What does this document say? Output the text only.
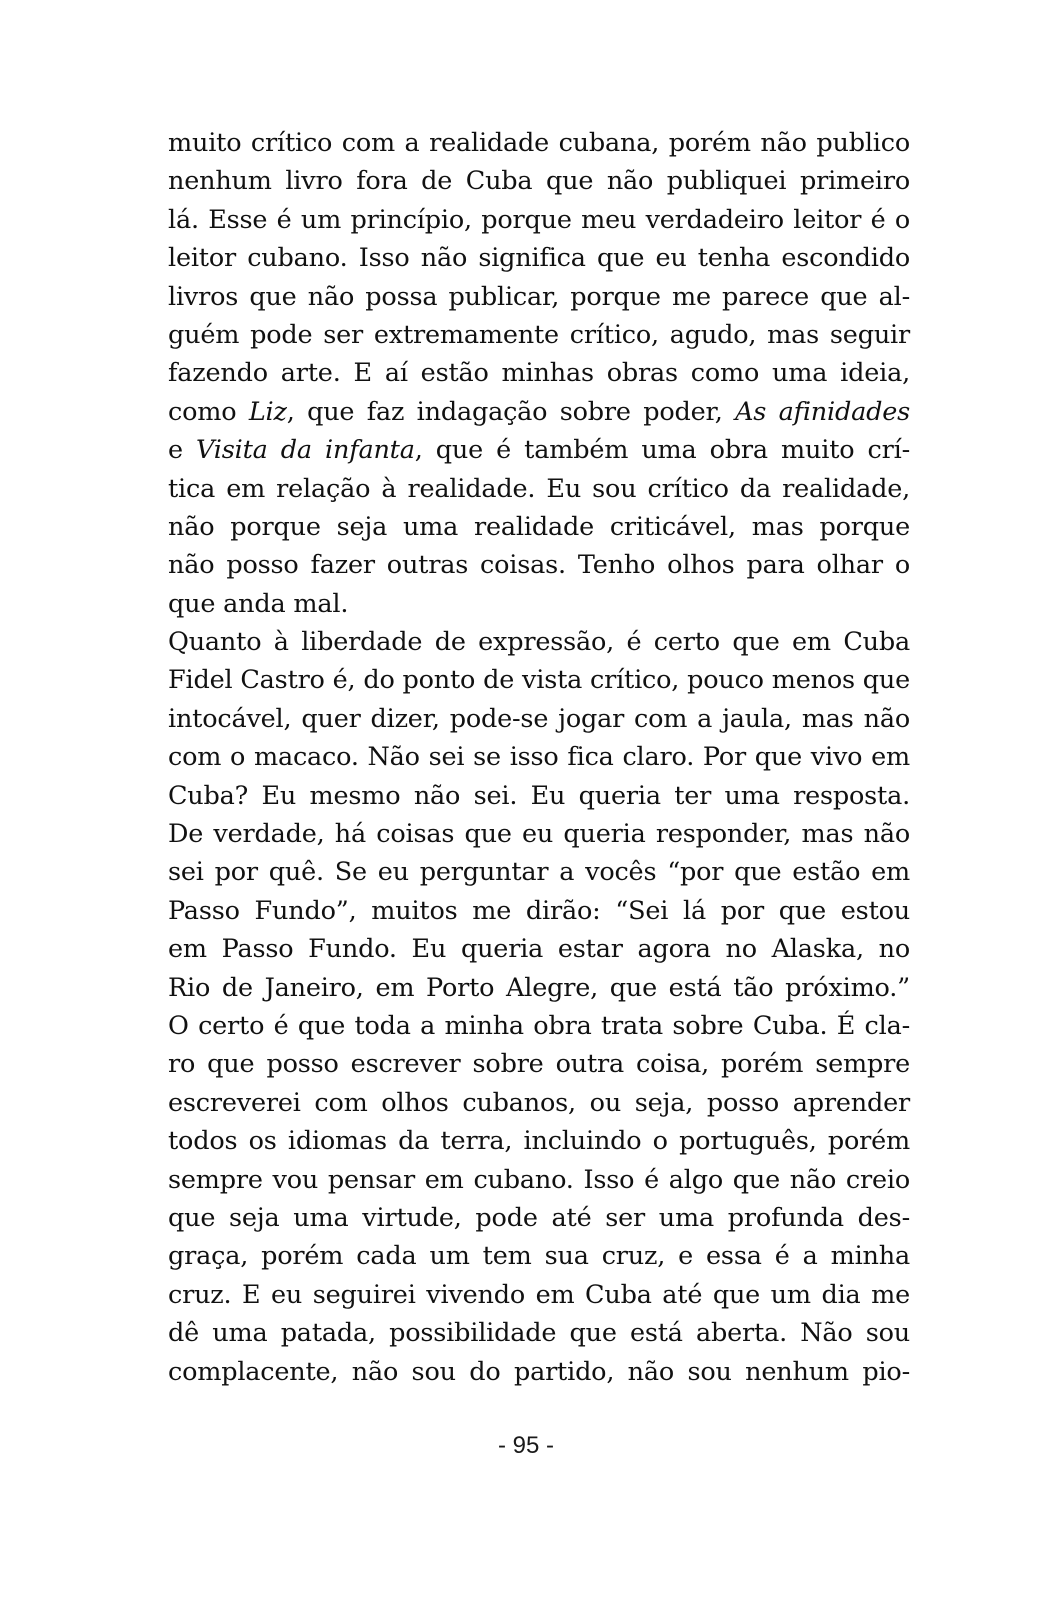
muito crítico com a realidade cubana, porém não publico
nenhum livro fora de Cuba que não publiquei primeiro
lá. Esse é um princípio, porque meu verdadeiro leitor é o
leitor cubano. Isso não significa que eu tenha escondido
livros que não possa publicar, porque me parece que al-
guém pode ser extremamente crítico, agudo, mas seguir
fazendo arte. E aí estão minhas obras como uma ideia,
como Liz, que faz indagação sobre poder, As afinidades
e Visita da infanta, que é também uma obra muito crí-
tica em relação à realidade. Eu sou crítico da realidade,
não porque seja uma realidade criticável, mas porque
não posso fazer outras coisas. Tenho olhos para olhar o
que anda mal.
Quanto à liberdade de expressão, é certo que em Cuba
Fidel Castro é, do ponto de vista crítico, pouco menos que
intocável, quer dizer, pode-se jogar com a jaula, mas não
com o macaco. Não sei se isso fica claro. Por que vivo em
Cuba? Eu mesmo não sei. Eu queria ter uma resposta.
De verdade, há coisas que eu queria responder, mas não
sei por quê. Se eu perguntar a vocês “por que estão em
Passo Fundo”, muitos me dirão: “Sei lá por que estou
em Passo Fundo. Eu queria estar agora no Alaska, no
Rio de Janeiro, em Porto Alegre, que está tão próximo.”
O certo é que toda a minha obra trata sobre Cuba. É cla-
ro que posso escrever sobre outra coisa, porém sempre
escreverei com olhos cubanos, ou seja, posso aprender
todos os idiomas da terra, incluindo o português, porém
sempre vou pensar em cubano. Isso é algo que não creio
que seja uma virtude, pode até ser uma profunda des-
graça, porém cada um tem sua cruz, e essa é a minha
cruz. E eu seguirei vivendo em Cuba até que um dia me
dê uma patada, possibilidade que está aberta. Não sou
complacente, não sou do partido, não sou nenhum pio-
- 95 -
